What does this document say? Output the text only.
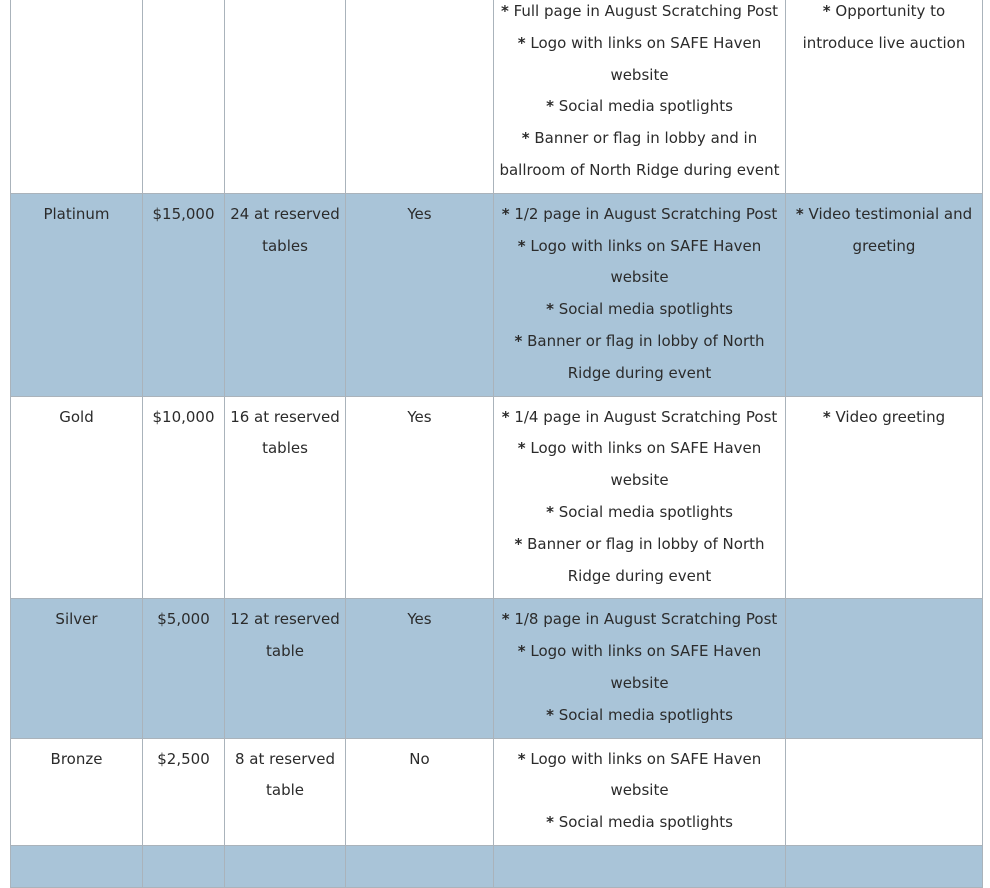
				* Full page in August Scratching Post
* Logo with links on SAFE Haven website
* Social media spotlights
* Banner or flag in lobby and in ballroom of North Ridge during event	* Opportunity to introduce live auction

Platinum	$15,000	24 at reserved tables	Yes	* 1/2 page in August Scratching Post
* Logo with links on SAFE Haven website
* Social media spotlights
* Banner or flag in lobby of North Ridge during event	* Video testimonial and greeting

Gold	$10,000	16 at reserved tables	Yes	* 1/4 page in August Scratching Post
* Logo with links on SAFE Haven website
* Social media spotlights
* Banner or flag in lobby of North Ridge during event	* Video greeting

Silver	$5,000	12 at reserved table	Yes	* 1/8 page in August Scratching Post
* Logo with links on SAFE Haven website
* Social media spotlights	

Bronze	$2,500	8 at reserved table	No	* Logo with links on SAFE Haven website
* Social media spotlights	
